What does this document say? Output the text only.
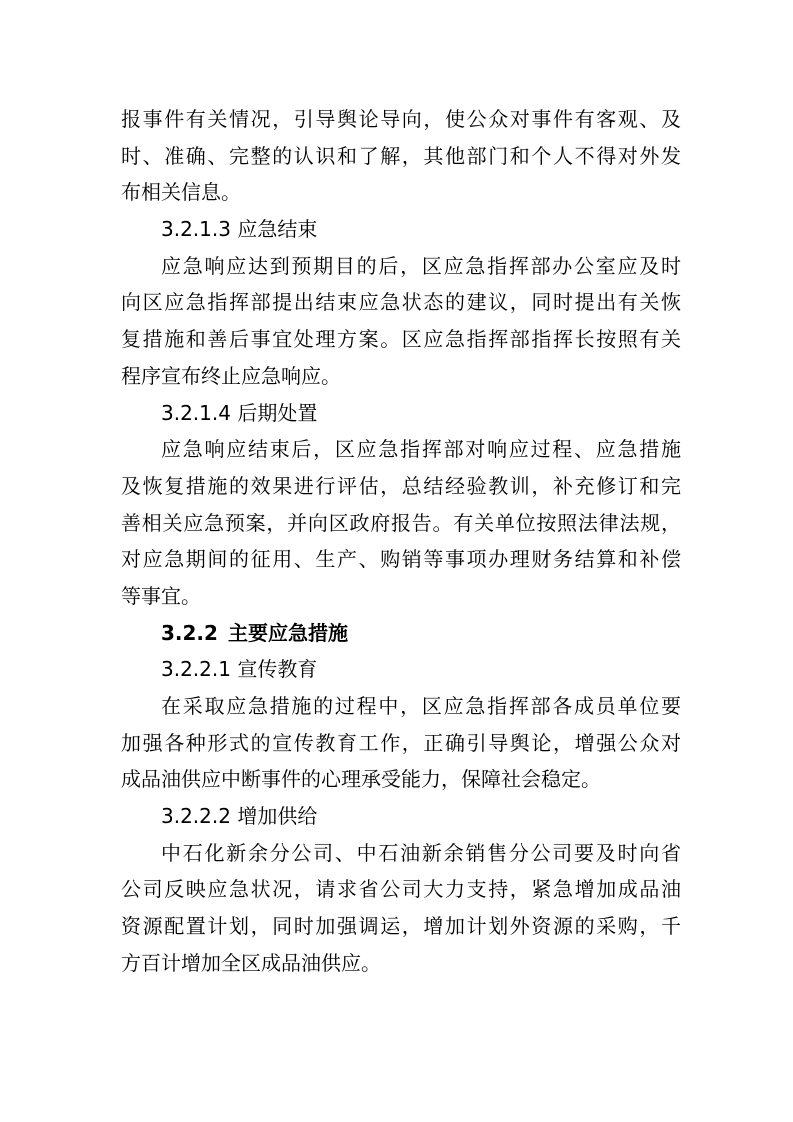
报事件有关情况，引导舆论导向，使公众对事件有客观、及
时、准确、完整的认识和了解，其他部门和个人不得对外发
布相关信息。
3.2.1.3 应急结束
应急响应达到预期目的后，区应急指挥部办公室应及时
向区应急指挥部提出结束应急状态的建议，同时提出有关恢
复措施和善后事宜处理方案。区应急指挥部指挥长按照有关
程序宣布终止应急响应。
3.2.1.4 后期处置
应急响应结束后，区应急指挥部对响应过程、应急措施
及恢复措施的效果进行评估，总结经验教训，补充修订和完
善相关应急预案，并向区政府报告。有关单位按照法律法规，
对应急期间的征用、生产、购销等事项办理财务结算和补偿
等事宜。
3.2.2 主要应急措施
3.2.2.1 宣传教育
在采取应急措施的过程中，区应急指挥部各成员单位要
加强各种形式的宣传教育工作，正确引导舆论，增强公众对
成品油供应中断事件的心理承受能力，保障社会稳定。
3.2.2.2 增加供给
中石化新余分公司、中石油新余销售分公司要及时向省
公司反映应急状况，请求省公司大力支持，紧急增加成品油
资源配置计划，同时加强调运，增加计划外资源的采购，千
方百计增加全区成品油供应。
